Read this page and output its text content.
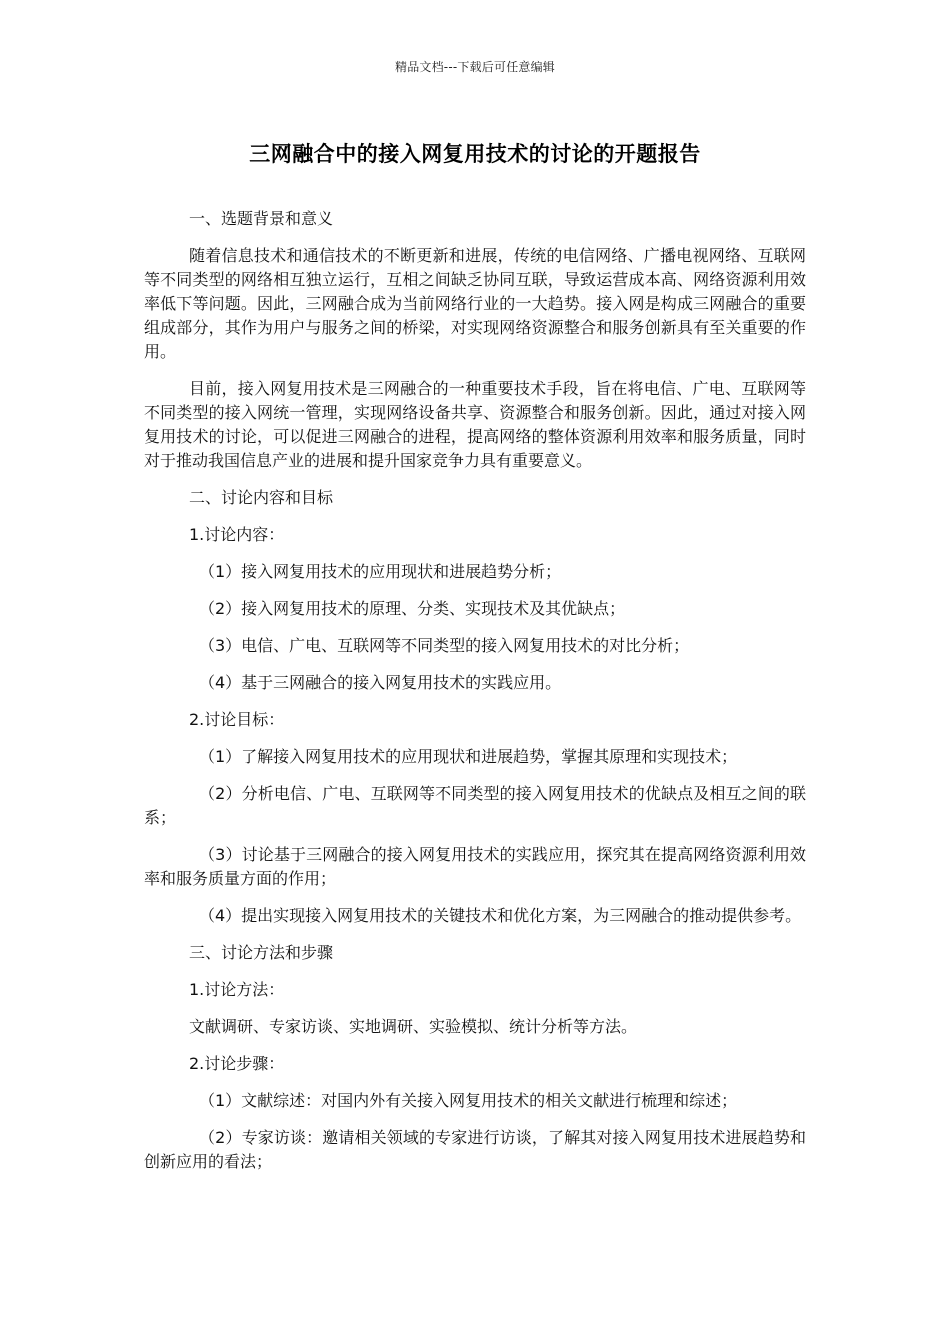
精品文档---下载后可任意编辑
三网融合中的接入网复用技术的讨论的开题报告

一、选题背景和意义

随着信息技术和通信技术的不断更新和进展，传统的电信网络、广播电视网络、互联网等不同类型的网络相互独立运行，互相之间缺乏协同互联，导致运营成本高、网络资源利用效率低下等问题。因此，三网融合成为当前网络行业的一大趋势。接入网是构成三网融合的重要组成部分，其作为用户与服务之间的桥梁，对实现网络资源整合和服务创新具有至关重要的作用。

目前，接入网复用技术是三网融合的一种重要技术手段，旨在将电信、广电、互联网等不同类型的接入网统一管理，实现网络设备共享、资源整合和服务创新。因此，通过对接入网复用技术的讨论，可以促进三网融合的进程，提高网络的整体资源利用效率和服务质量，同时对于推动我国信息产业的进展和提升国家竞争力具有重要意义。

二、讨论内容和目标

1.讨论内容：

（1）接入网复用技术的应用现状和进展趋势分析；

（2）接入网复用技术的原理、分类、实现技术及其优缺点；

（3）电信、广电、互联网等不同类型的接入网复用技术的对比分析；

（4）基于三网融合的接入网复用技术的实践应用。

2.讨论目标：

（1）了解接入网复用技术的应用现状和进展趋势，掌握其原理和实现技术；

（2）分析电信、广电、互联网等不同类型的接入网复用技术的优缺点及相互之间的联系；

（3）讨论基于三网融合的接入网复用技术的实践应用，探究其在提高网络资源利用效率和服务质量方面的作用；

（4）提出实现接入网复用技术的关键技术和优化方案，为三网融合的推动提供参考。

三、讨论方法和步骤

1.讨论方法：

文献调研、专家访谈、实地调研、实验模拟、统计分析等方法。

2.讨论步骤：

（1）文献综述：对国内外有关接入网复用技术的相关文献进行梳理和综述；

（2）专家访谈：邀请相关领域的专家进行访谈，了解其对接入网复用技术进展趋势和创新应用的看法；
